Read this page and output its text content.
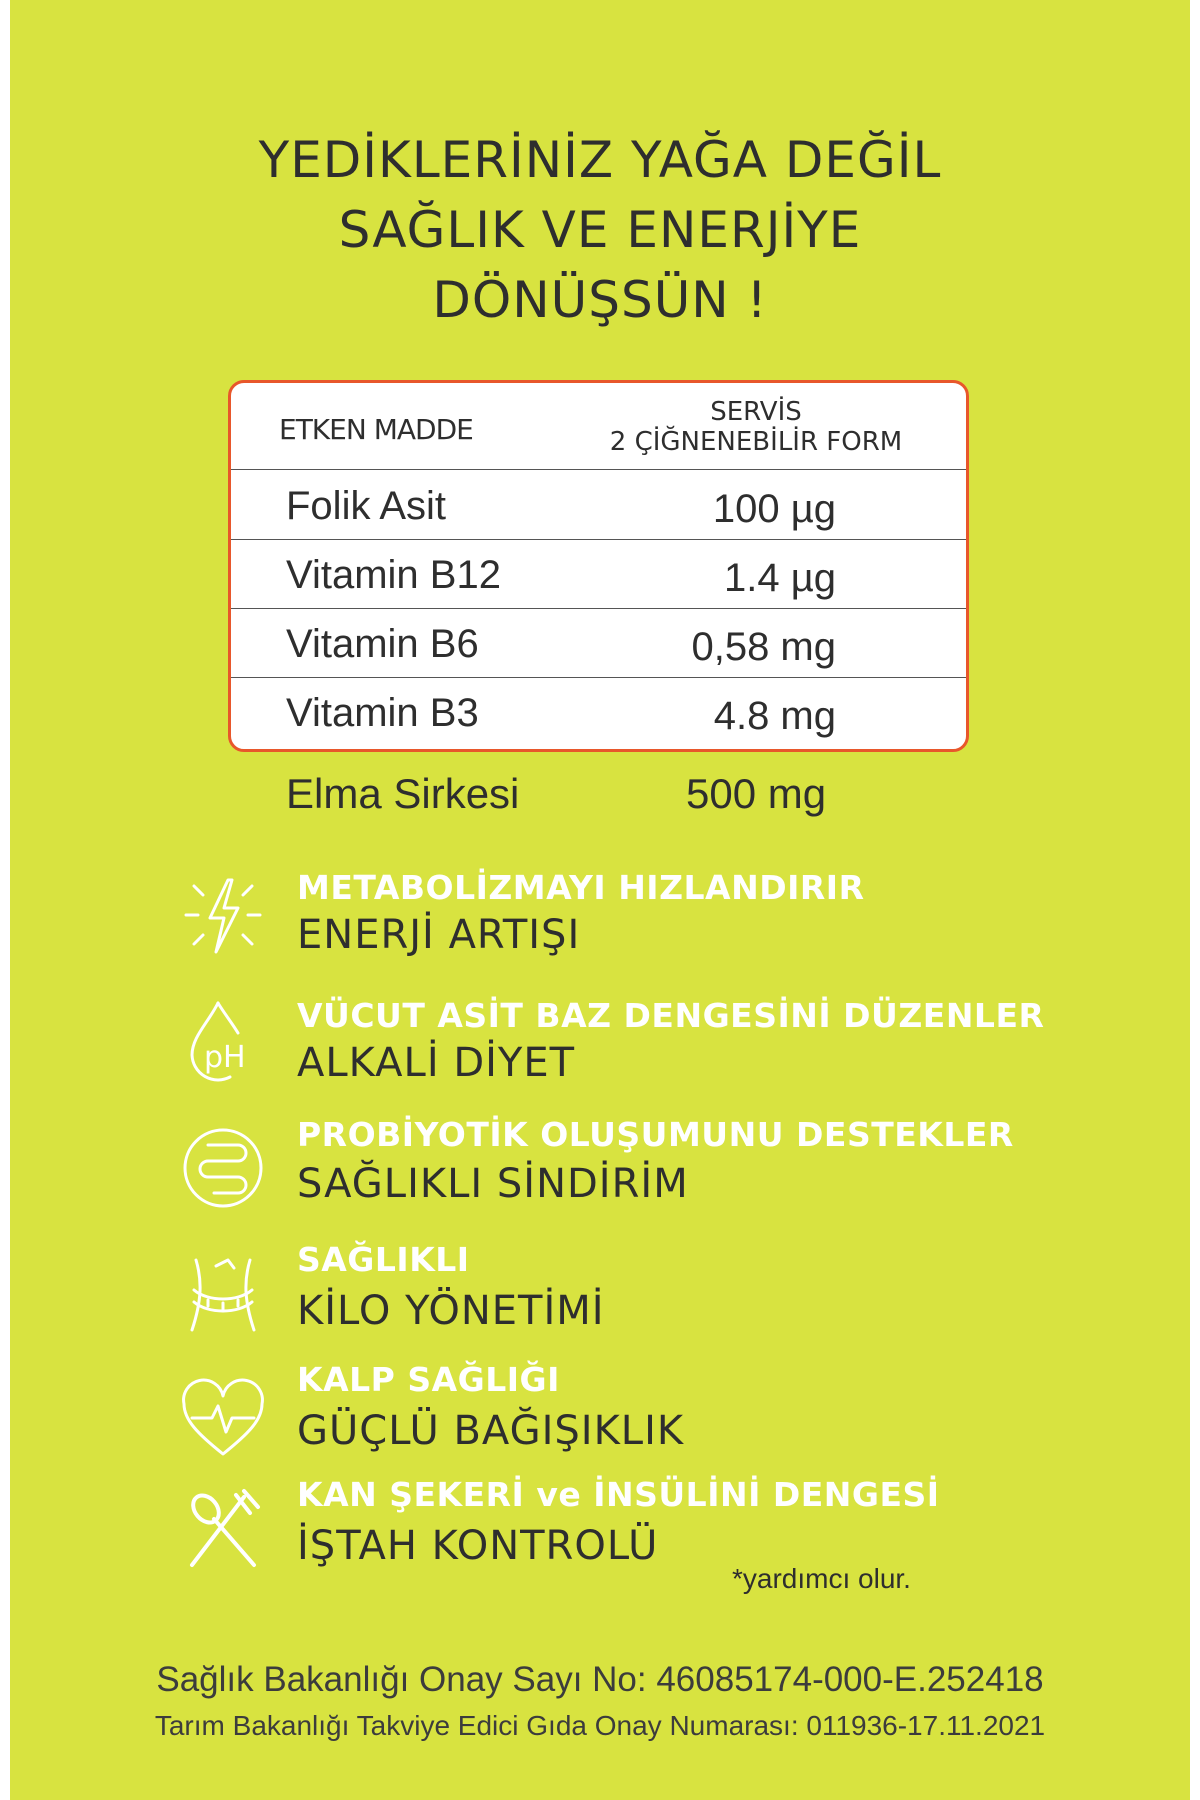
YEDİKLERİNİZ YAĞA DEĞİL
SAĞLIK VE ENERJİYE
DÖNÜŞSÜN !
ETKEN MADDE
SERVİS
2 ÇİĞNENEBİLİR FORM
Folik Asit	100 µg
Vitamin B12	1.4 µg
Vitamin B6	0,58 mg
Vitamin B3	4.8 mg
Elma Sirkesi	500 mg
METABOLİZMAYI HIZLANDIRIR
ENERJİ ARTIŞI
pH
VÜCUT ASİT BAZ DENGESİNİ DÜZENLER
ALKALİ DİYET
PROBİYOTİK OLUŞUMUNU DESTEKLER
SAĞLIKLI SİNDİRİM
SAĞLIKLI
KİLO YÖNETİMİ
KALP SAĞLIĞI
GÜÇLÜ BAĞIŞIKLIK
KAN ŞEKERİ ve İNSÜLİNİ DENGESİ
İŞTAH KONTROLÜ
*yardımcı olur.
Sağlık Bakanlığı Onay Sayı No: 46085174-000-E.252418
Tarım Bakanlığı Takviye Edici Gıda Onay Numarası: 011936-17.11.2021
